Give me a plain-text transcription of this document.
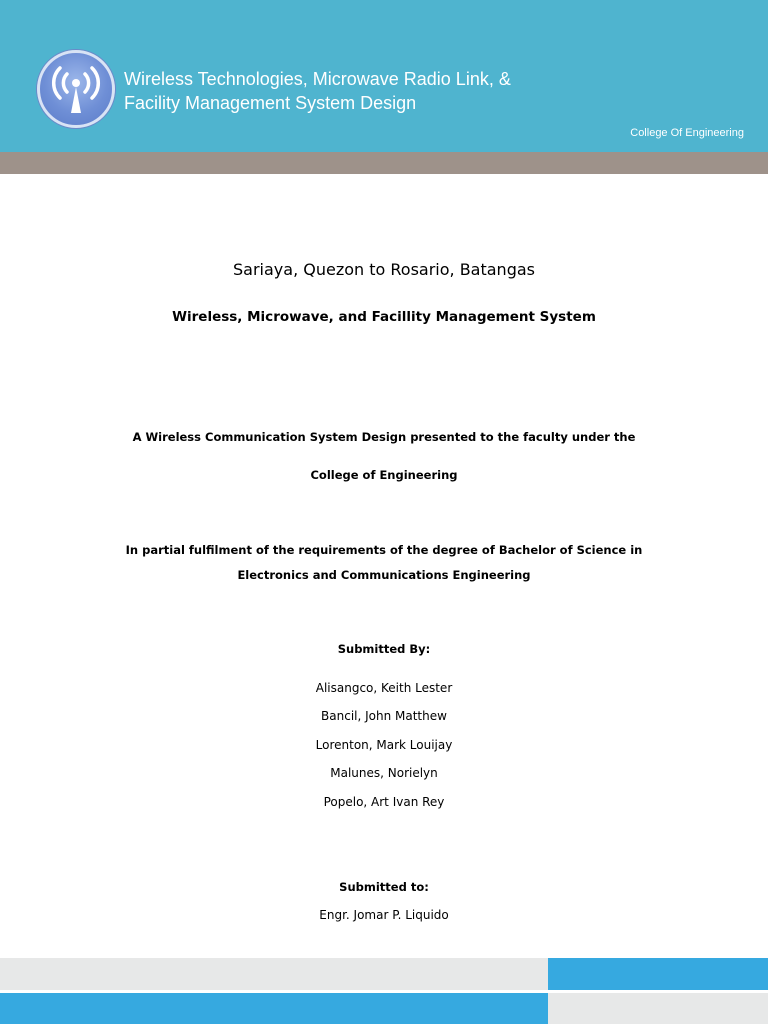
Wireless Technologies, Microwave Radio Link, &
Facility Management System Design
College Of Engineering
Sariaya, Quezon to Rosario, Batangas
Wireless, Microwave, and Facillity Management System
A Wireless Communication System Design presented to the faculty under the
College of Engineering
In partial fulfilment of the requirements of the degree of Bachelor of Science in
Electronics and Communications Engineering
Submitted By:
Alisangco, Keith Lester
Bancil, John Matthew
Lorenton, Mark Louijay
Malunes, Norielyn
Popelo, Art Ivan Rey
Submitted to:
Engr. Jomar P. Liquido
